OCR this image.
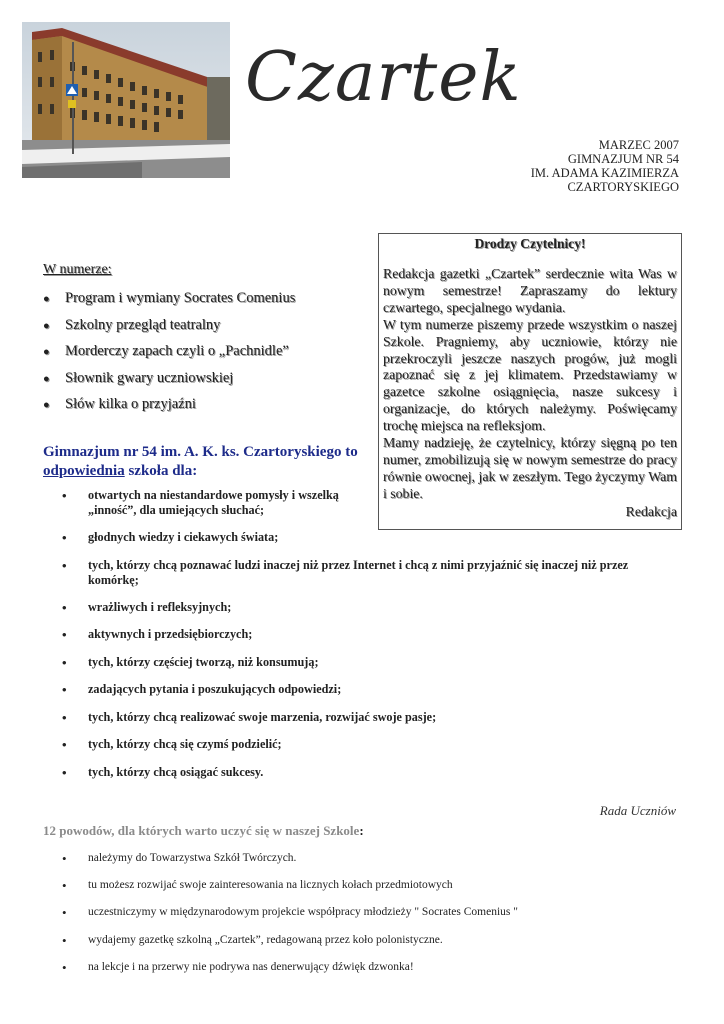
Czartek
MARZEC 2007
GIMNAZJUM NR 54
IM. ADAMA KAZIMIERZA
CZARTORYSKIEGO
W numerze:
● Program i wymiany Socrates Comenius
● Szkolny przegląd teatralny
● Morderczy zapach czyli o „Pachnidle”
● Słownik gwary uczniowskiej
● Słów kilka o przyjaźni
Drodzy Czytelnicy!

Redakcja gazetki „Czartek” serdecznie wita Was w nowym semestrze! Zapraszamy do lektury czwartego, specjalnego wydania.

W tym numerze piszemy przede wszystkim o naszej Szkole. Pragniemy, aby uczniowie, którzy nie przekroczyli jeszcze naszych progów, już mogli zapoznać się z jej klimatem. Przedstawiamy w gazetce szkolne osiągnięcia, nasze sukcesy i organizacje, do których należymy. Poświęcamy trochę miejsca na refleksjom.

Mamy nadzieję, że czytelnicy, którzy sięgną po ten numer, zmobilizują się w nowym semestrze do pracy równie owocnej, jak w zeszłym. Tego życzymy Wam i sobie.

Redakcja
Gimnazjum nr 54 im. A. K. ks. Czartoryskiego to odpowiednia szkoła dla:
• otwartych na niestandardowe pomysły i wszelką „inność”, dla umiejących słuchać;
• głodnych wiedzy i ciekawych świata;
• tych, którzy chcą poznawać ludzi inaczej niż przez Internet i chcą z nimi przyjaźnić się inaczej niż przez komórkę;
• wrażliwych i refleksyjnych;
• aktywnych i przedsiębiorczych;
• tych, którzy częściej tworzą, niż konsumują;
• zadających pytania i poszukujących odpowiedzi;
• tych, którzy chcą realizować swoje marzenia, rozwijać swoje pasje;
• tych, którzy chcą się czymś podzielić;
• tych, którzy chcą osiągać sukcesy.
Rada Uczniów
12 powodów, dla których warto uczyć się w naszej Szkole:
• należymy do Towarzystwa Szkół Twórczych.
• tu możesz rozwijać swoje zainteresowania na licznych kołach przedmiotowych
• uczestniczymy w międzynarodowym projekcie współpracy młodzieży " Socrates Comenius "
• wydajemy gazetkę szkolną „Czartek”, redagowaną przez koło polonistyczne.
• na lekcje i na przerwy nie podrywa nas denerwujący dźwięk dzwonka!
